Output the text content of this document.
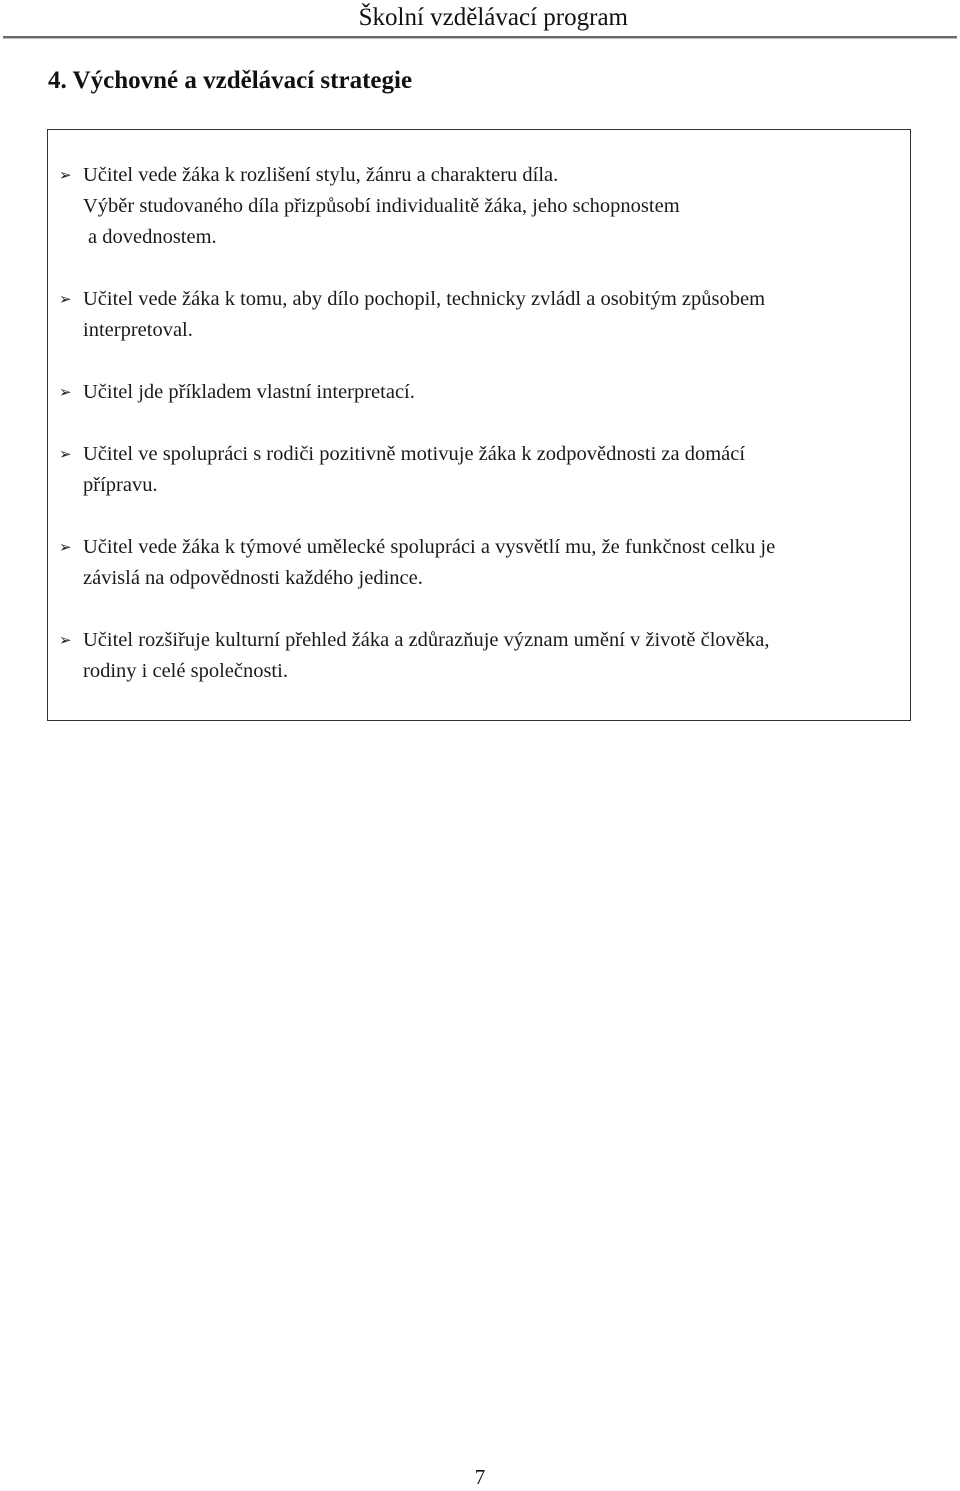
Školní vzdělávací program
4. Výchovné a vzdělávací strategie
➢ Učitel vede žáka k rozlišení stylu, žánru a charakteru díla.
Výběr studovaného díla přizpůsobí individualitě žáka, jeho schopnostem
a dovednostem.
➢ Učitel vede žáka k tomu, aby dílo pochopil, technicky zvládl a osobitým způsobem
interpretoval.
➢ Učitel jde příkladem vlastní interpretací.
➢ Učitel ve spolupráci s rodiči pozitivně motivuje žáka k zodpovědnosti za domácí
přípravu.
➢ Učitel vede žáka k týmové umělecké spolupráci a vysvětlí mu, že funkčnost celku je
závislá na odpovědnosti každého jedince.
➢ Učitel rozšiřuje kulturní přehled žáka a zdůrazňuje význam umění v životě člověka,
rodiny i celé společnosti.
7
